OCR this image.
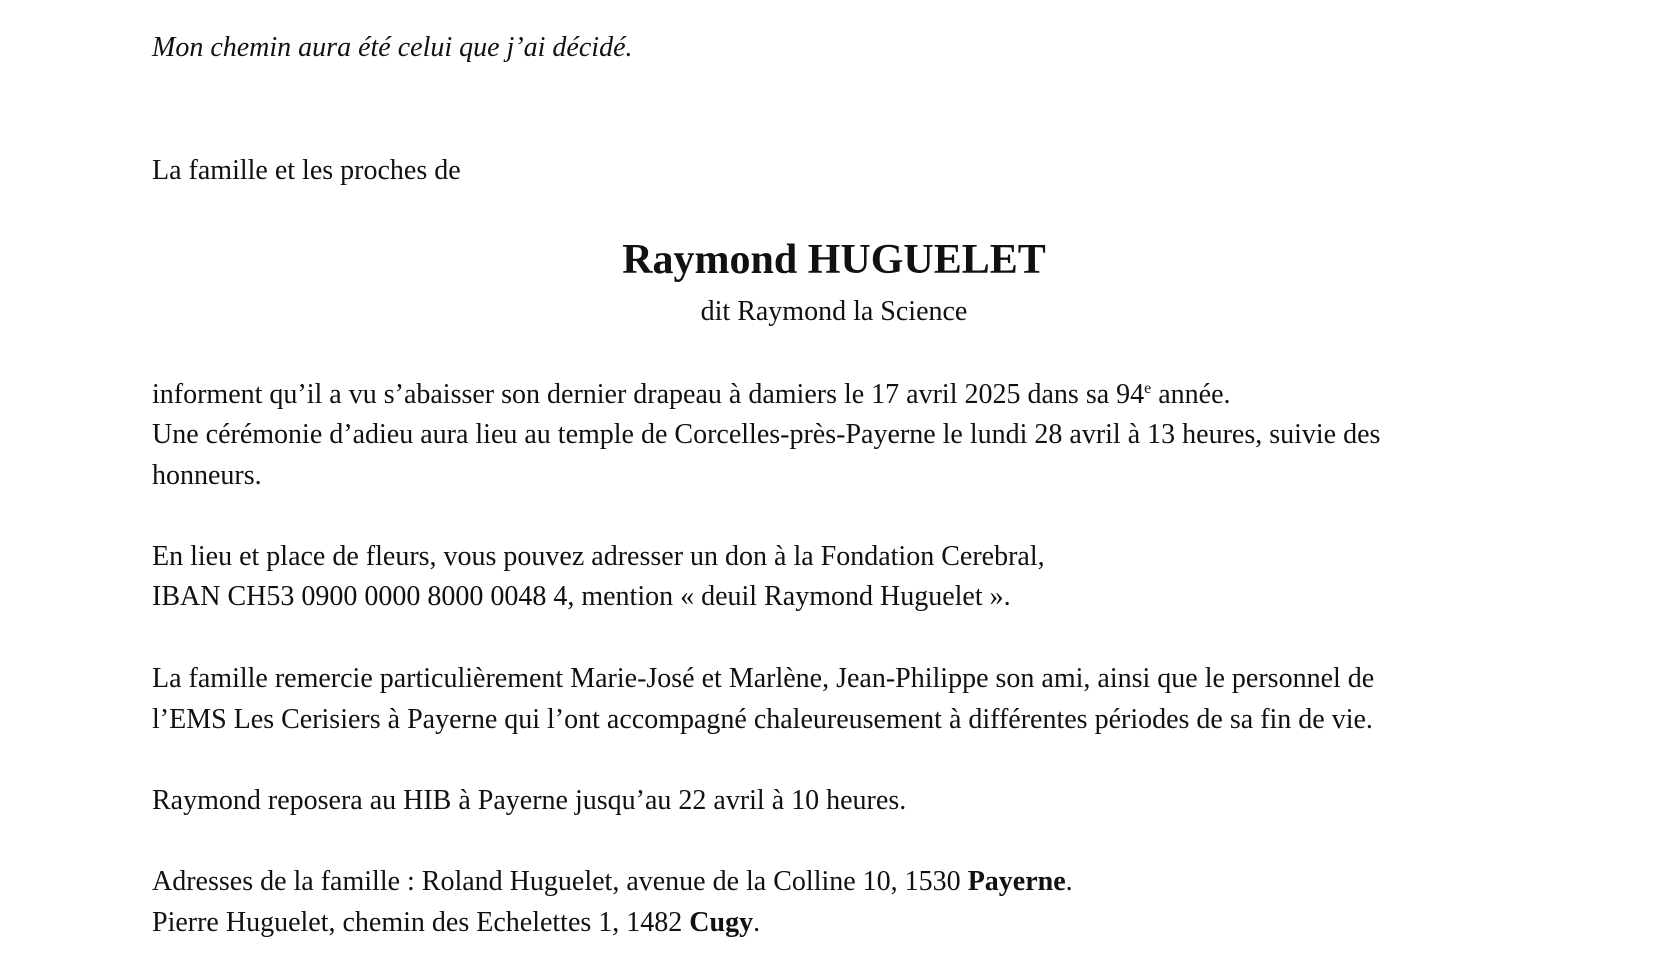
Mon chemin aura été celui que j’ai décidé.
La famille et les proches de
Raymond HUGUELET
dit Raymond la Science
informent qu’il a vu s’abaisser son dernier drapeau à damiers le 17 avril 2025 dans sa 94e année.
Une cérémonie d’adieu aura lieu au temple de Corcelles-près-Payerne le lundi 28 avril à 13 heures, suivie des
honneurs.
En lieu et place de fleurs, vous pouvez adresser un don à la Fondation Cerebral,
IBAN CH53 0900 0000 8000 0048 4, mention « deuil Raymond Huguelet ».
La famille remercie particulièrement Marie-José et Marlène, Jean-Philippe son ami, ainsi que le personnel de
l’EMS Les Cerisiers à Payerne qui l’ont accompagné chaleureusement à différentes périodes de sa fin de vie.
Raymond reposera au HIB à Payerne jusqu’au 22 avril à 10 heures.
Adresses de la famille : Roland Huguelet, avenue de la Colline 10, 1530 Payerne.
Pierre Huguelet, chemin des Echelettes 1, 1482 Cugy.
